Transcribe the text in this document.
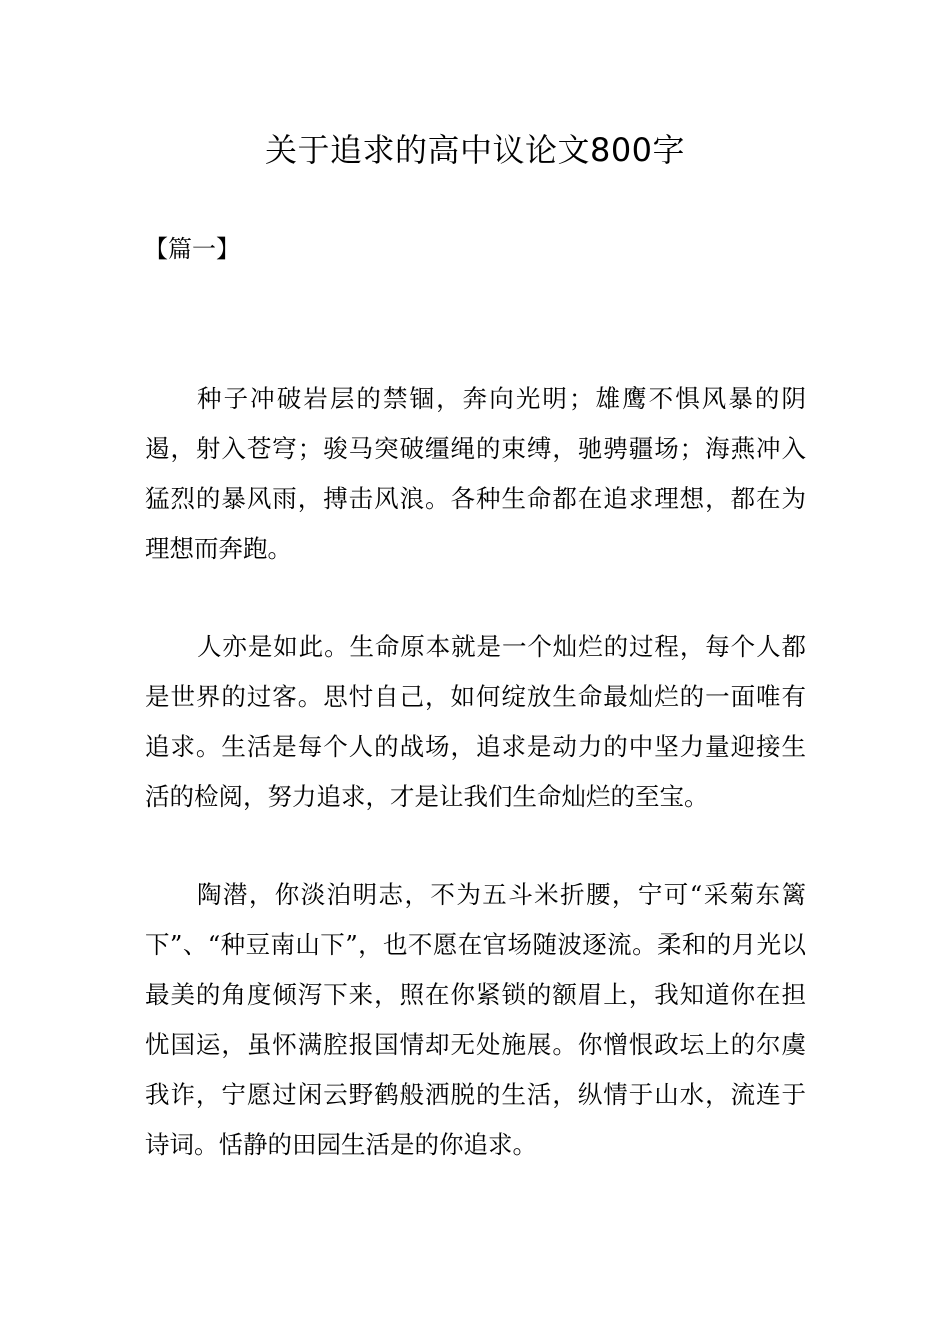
关于追求的高中议论文800字

【篇一】

种子冲破岩层的禁锢，奔向光明；雄鹰不惧风暴的阴遏，射入苍穹；骏马突破缰绳的束缚，驰骋疆场；海燕冲入猛烈的暴风雨，搏击风浪。各种生命都在追求理想，都在为理想而奔跑。

人亦是如此。生命原本就是一个灿烂的过程，每个人都是世界的过客。思忖自己，如何绽放生命最灿烂的一面唯有追求。生活是每个人的战场，追求是动力的中坚力量迎接生活的检阅，努力追求，才是让我们生命灿烂的至宝。

陶潜，你淡泊明志，不为五斗米折腰，宁可“采菊东篱下”、“种豆南山下”，也不愿在官场随波逐流。柔和的月光以最美的角度倾泻下来，照在你紧锁的额眉上，我知道你在担忧国运，虽怀满腔报国情却无处施展。你憎恨政坛上的尔虞我诈，宁愿过闲云野鹤般洒脱的生活，纵情于山水，流连于诗词。恬静的田园生活是的你追求。
